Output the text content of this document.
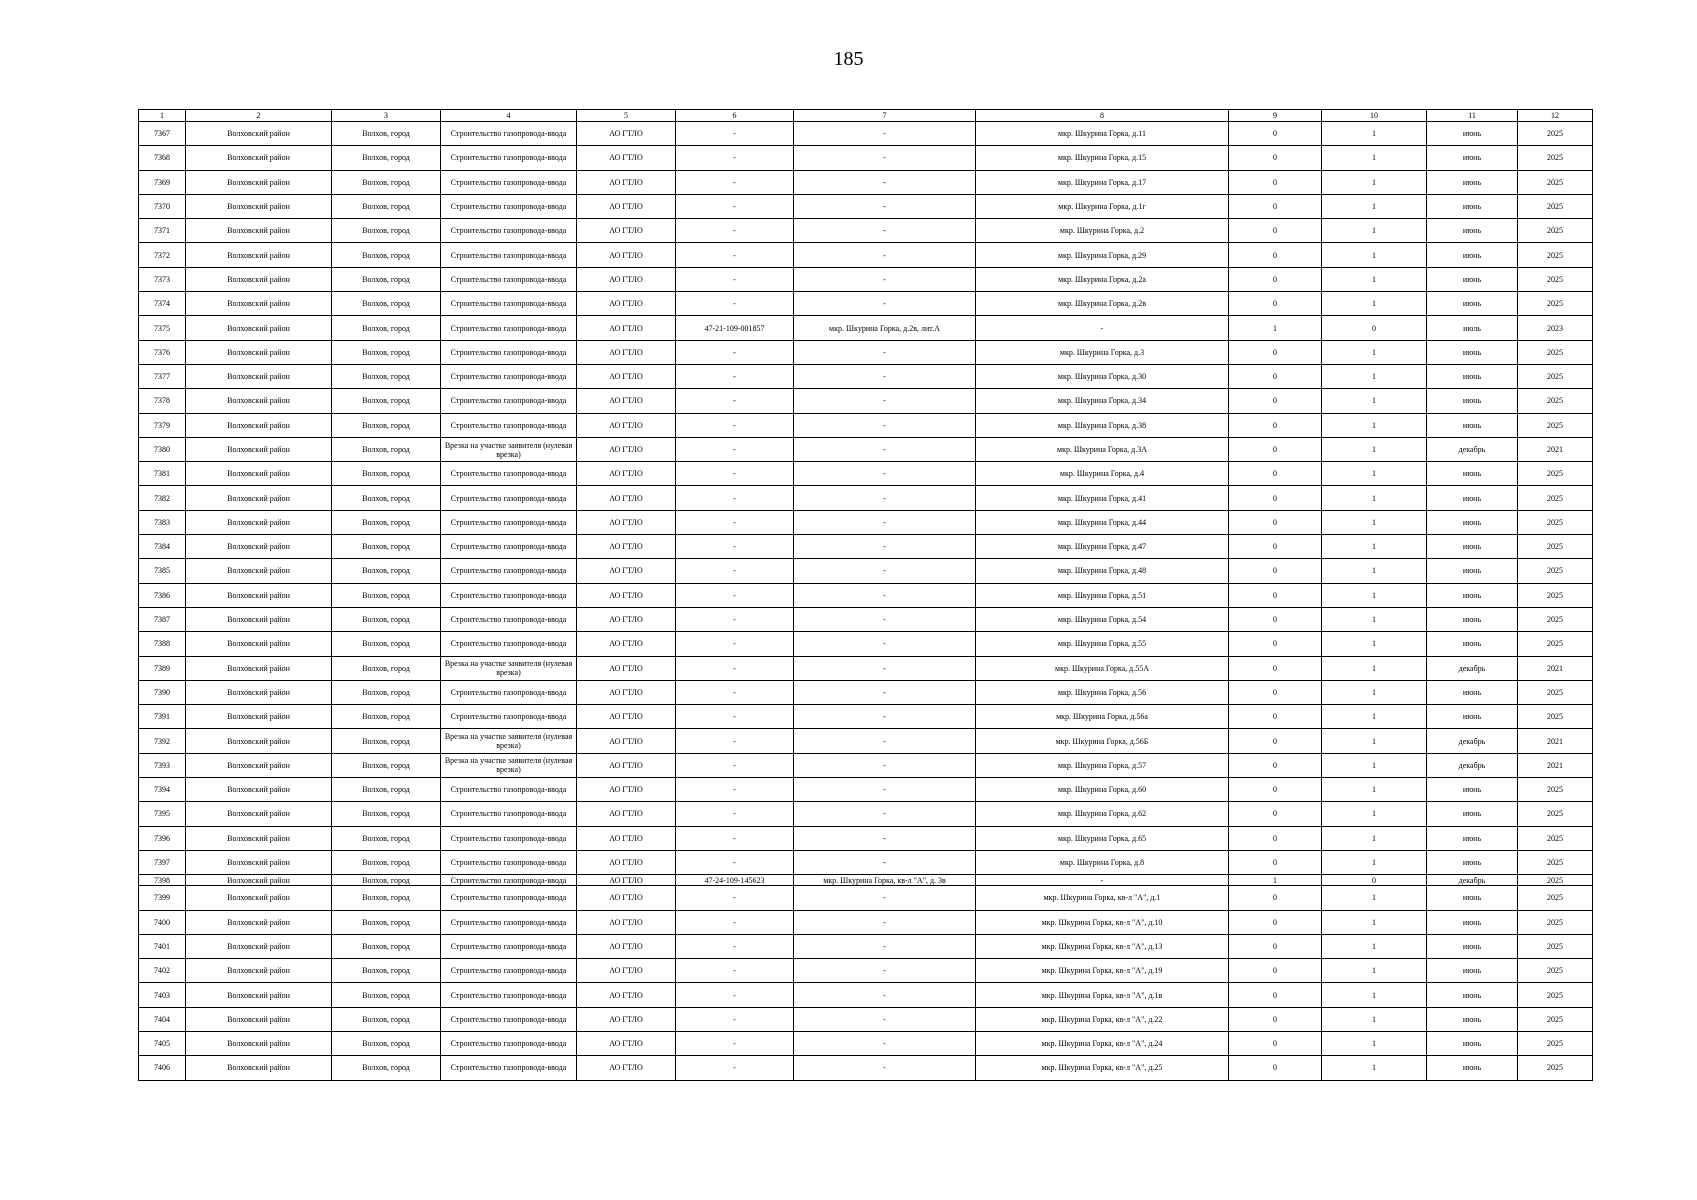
185
1	2	3	4	5	6	7	8	9	10	11	12
7367	Волховский район	Волхов, город	Строительство газопровода-ввода	АО ГТЛО	-	-	мкр. Шкурина Горка, д.11	0	1	июнь	2025
7368	Волховский район	Волхов, город	Строительство газопровода-ввода	АО ГТЛО	-	-	мкр. Шкурина Горка, д.15	0	1	июнь	2025
7369	Волховский район	Волхов, город	Строительство газопровода-ввода	АО ГТЛО	-	-	мкр. Шкурина Горка, д.17	0	1	июнь	2025
7370	Волховский район	Волхов, город	Строительство газопровода-ввода	АО ГТЛО	-	-	мкр. Шкурина Горка, д.1г	0	1	июнь	2025
7371	Волховский район	Волхов, город	Строительство газопровода-ввода	АО ГТЛО	-	-	мкр. Шкурина Горка, д.2	0	1	июнь	2025
7372	Волховский район	Волхов, город	Строительство газопровода-ввода	АО ГТЛО	-	-	мкр. Шкурина Горка, д.29	0	1	июнь	2025
7373	Волховский район	Волхов, город	Строительство газопровода-ввода	АО ГТЛО	-	-	мкр. Шкурина Горка, д.2а	0	1	июнь	2025
7374	Волховский район	Волхов, город	Строительство газопровода-ввода	АО ГТЛО	-	-	мкр. Шкурина Горка, д.2в	0	1	июнь	2025
7375	Волховский район	Волхов, город	Строительство газопровода-ввода	АО ГТЛО	47-21-109-001857	мкр. Шкурина Горка, д.2в, лит.А	-	1	0	июль	2023
7376	Волховский район	Волхов, город	Строительство газопровода-ввода	АО ГТЛО	-	-	мкр. Шкурина Горка, д.3	0	1	июнь	2025
7377	Волховский район	Волхов, город	Строительство газопровода-ввода	АО ГТЛО	-	-	мкр. Шкурина Горка, д.30	0	1	июнь	2025
7378	Волховский район	Волхов, город	Строительство газопровода-ввода	АО ГТЛО	-	-	мкр. Шкурина Горка, д.34	0	1	июнь	2025
7379	Волховский район	Волхов, город	Строительство газопровода-ввода	АО ГТЛО	-	-	мкр. Шкурина Горка, д.38	0	1	июнь	2025
7380	Волховский район	Волхов, город	Врезка на участке заявителя (нулевая врезка)	АО ГТЛО	-	-	мкр. Шкурина Горка, д.3А	0	1	декабрь	2021
7381	Волховский район	Волхов, город	Строительство газопровода-ввода	АО ГТЛО	-	-	мкр. Шкурина Горка, д.4	0	1	июнь	2025
7382	Волховский район	Волхов, город	Строительство газопровода-ввода	АО ГТЛО	-	-	мкр. Шкурина Горка, д.41	0	1	июнь	2025
7383	Волховский район	Волхов, город	Строительство газопровода-ввода	АО ГТЛО	-	-	мкр. Шкурина Горка, д.44	0	1	июнь	2025
7384	Волховский район	Волхов, город	Строительство газопровода-ввода	АО ГТЛО	-	-	мкр. Шкурина Горка, д.47	0	1	июнь	2025
7385	Волховский район	Волхов, город	Строительство газопровода-ввода	АО ГТЛО	-	-	мкр. Шкурина Горка, д.48	0	1	июнь	2025
7386	Волховский район	Волхов, город	Строительство газопровода-ввода	АО ГТЛО	-	-	мкр. Шкурина Горка, д.51	0	1	июнь	2025
7387	Волховский район	Волхов, город	Строительство газопровода-ввода	АО ГТЛО	-	-	мкр. Шкурина Горка, д.54	0	1	июнь	2025
7388	Волховский район	Волхов, город	Строительство газопровода-ввода	АО ГТЛО	-	-	мкр. Шкурина Горка, д.55	0	1	июнь	2025
7389	Волховский район	Волхов, город	Врезка на участке заявителя (нулевая врезка)	АО ГТЛО	-	-	мкр. Шкурина Горка, д.55А	0	1	декабрь	2021
7390	Волховский район	Волхов, город	Строительство газопровода-ввода	АО ГТЛО	-	-	мкр. Шкурина Горка, д.56	0	1	июнь	2025
7391	Волховский район	Волхов, город	Строительство газопровода-ввода	АО ГТЛО	-	-	мкр. Шкурина Горка, д.56а	0	1	июнь	2025
7392	Волховский район	Волхов, город	Врезка на участке заявителя (нулевая врезка)	АО ГТЛО	-	-	мкр. Шкурина Горка, д.56Б	0	1	декабрь	2021
7393	Волховский район	Волхов, город	Врезка на участке заявителя (нулевая врезка)	АО ГТЛО	-	-	мкр. Шкурина Горка, д.57	0	1	декабрь	2021
7394	Волховский район	Волхов, город	Строительство газопровода-ввода	АО ГТЛО	-	-	мкр. Шкурина Горка, д.60	0	1	июнь	2025
7395	Волховский район	Волхов, город	Строительство газопровода-ввода	АО ГТЛО	-	-	мкр. Шкурина Горка, д.62	0	1	июнь	2025
7396	Волховский район	Волхов, город	Строительство газопровода-ввода	АО ГТЛО	-	-	мкр. Шкурина Горка, д.65	0	1	июнь	2025
7397	Волховский район	Волхов, город	Строительство газопровода-ввода	АО ГТЛО	-	-	мкр. Шкурина Горка, д.8	0	1	июнь	2025
7398	Волховский район	Волхов, город	Строительство газопровода-ввода	АО ГТЛО	47-24-109-145623	мкр. Шкурина Горка, кв-л "А", д. 3в	-	1	0	декабрь	2025
7399	Волховский район	Волхов, город	Строительство газопровода-ввода	АО ГТЛО	-	-	мкр. Шкурина Горка, кв-л "А", д.1	0	1	июнь	2025
7400	Волховский район	Волхов, город	Строительство газопровода-ввода	АО ГТЛО	-	-	мкр. Шкурина Горка, кв-л "А", д.10	0	1	июнь	2025
7401	Волховский район	Волхов, город	Строительство газопровода-ввода	АО ГТЛО	-	-	мкр. Шкурина Горка, кв-л "А", д.13	0	1	июнь	2025
7402	Волховский район	Волхов, город	Строительство газопровода-ввода	АО ГТЛО	-	-	мкр. Шкурина Горка, кв-л "А", д.19	0	1	июнь	2025
7403	Волховский район	Волхов, город	Строительство газопровода-ввода	АО ГТЛО	-	-	мкр. Шкурина Горка, кв-л "А", д.1в	0	1	июнь	2025
7404	Волховский район	Волхов, город	Строительство газопровода-ввода	АО ГТЛО	-	-	мкр. Шкурина Горка, кв-л "А", д.22	0	1	июнь	2025
7405	Волховский район	Волхов, город	Строительство газопровода-ввода	АО ГТЛО	-	-	мкр. Шкурина Горка, кв-л "А", д.24	0	1	июнь	2025
7406	Волховский район	Волхов, город	Строительство газопровода-ввода	АО ГТЛО	-	-	мкр. Шкурина Горка, кв-л "А", д.25	0	1	июнь	2025
